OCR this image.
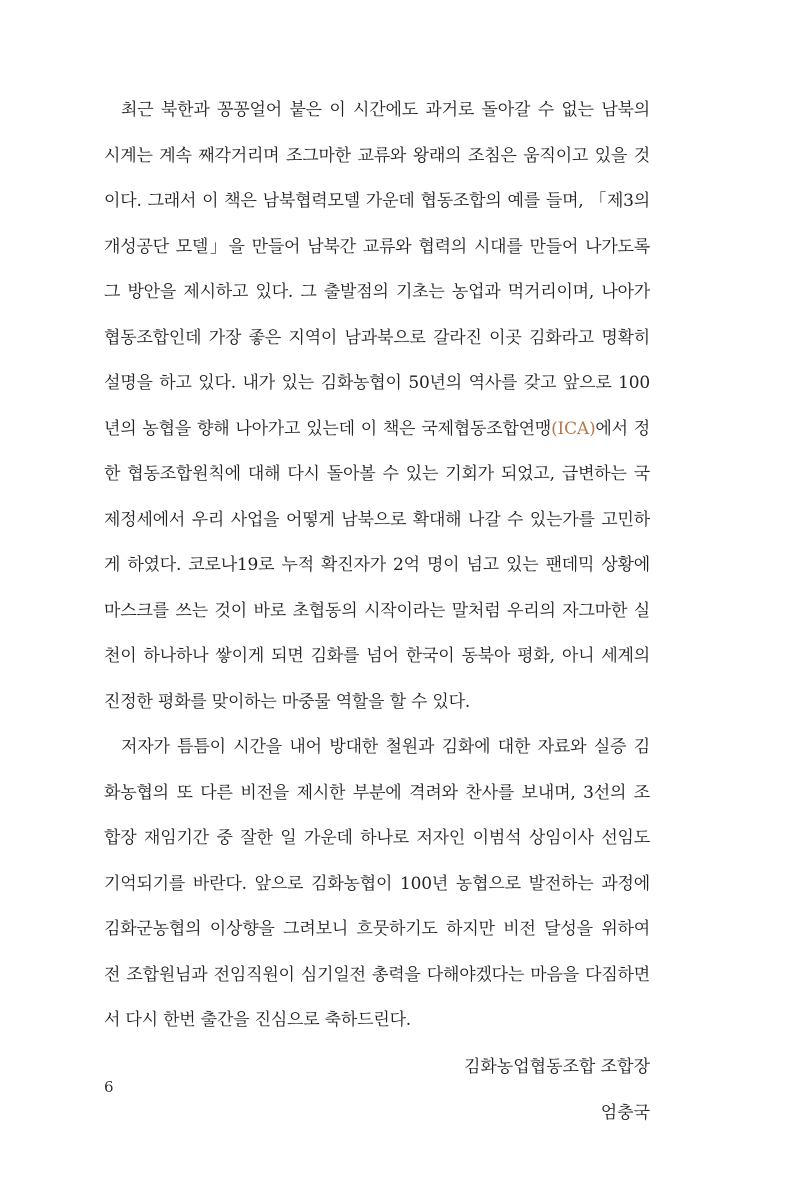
최근 북한과 꽁꽁얼어 붙은 이 시간에도 과거로 돌아갈 수 없는 남북의
시계는 계속 째각거리며 조그마한 교류와 왕래의 조침은 움직이고 있을 것
이다. 그래서 이 책은 남북협력모델 가운데 협동조합의 예를 들며, 「제3의
개성공단 모델」을 만들어 남북간 교류와 협력의 시대를 만들어 나가도록
그 방안을 제시하고 있다. 그 출발점의 기초는 농업과 먹거리이며, 나아가
협동조합인데 가장 좋은 지역이 남과북으로 갈라진 이곳 김화라고 명확히
설명을 하고 있다. 내가 있는 김화농협이 50년의 역사를 갖고 앞으로 100
년의 농협을 향해 나아가고 있는데 이 책은 국제협동조합연맹(ICA)에서 정
한 협동조합원칙에 대해 다시 돌아볼 수 있는 기회가 되었고, 급변하는 국
제정세에서 우리 사업을 어떻게 남북으로 확대해 나갈 수 있는가를 고민하
게 하였다. 코로나19로 누적 확진자가 2억 명이 넘고 있는 팬데믹 상황에
마스크를 쓰는 것이 바로 초협동의 시작이라는 말처럼 우리의 자그마한 실
천이 하나하나 쌓이게 되면 김화를 넘어 한국이 동북아 평화, 아니 세계의
진정한 평화를 맞이하는 마중물 역할을 할 수 있다.
저자가 틈틈이 시간을 내어 방대한 철원과 김화에 대한 자료와 실증 김
화농협의 또 다른 비전을 제시한 부분에 격려와 찬사를 보내며, 3선의 조
합장 재임기간 중 잘한 일 가운데 하나로 저자인 이범석 상임이사 선임도
기억되기를 바란다. 앞으로 김화농협이 100년 농협으로 발전하는 과정에
김화군농협의 이상향을 그려보니 흐뭇하기도 하지만 비전 달성을 위하여
전 조합원님과 전임직원이 심기일전 총력을 다해야겠다는 마음을 다짐하면
서 다시 한번 출간을 진심으로 축하드린다.
김화농업협동조합 조합장
엄충국
6
